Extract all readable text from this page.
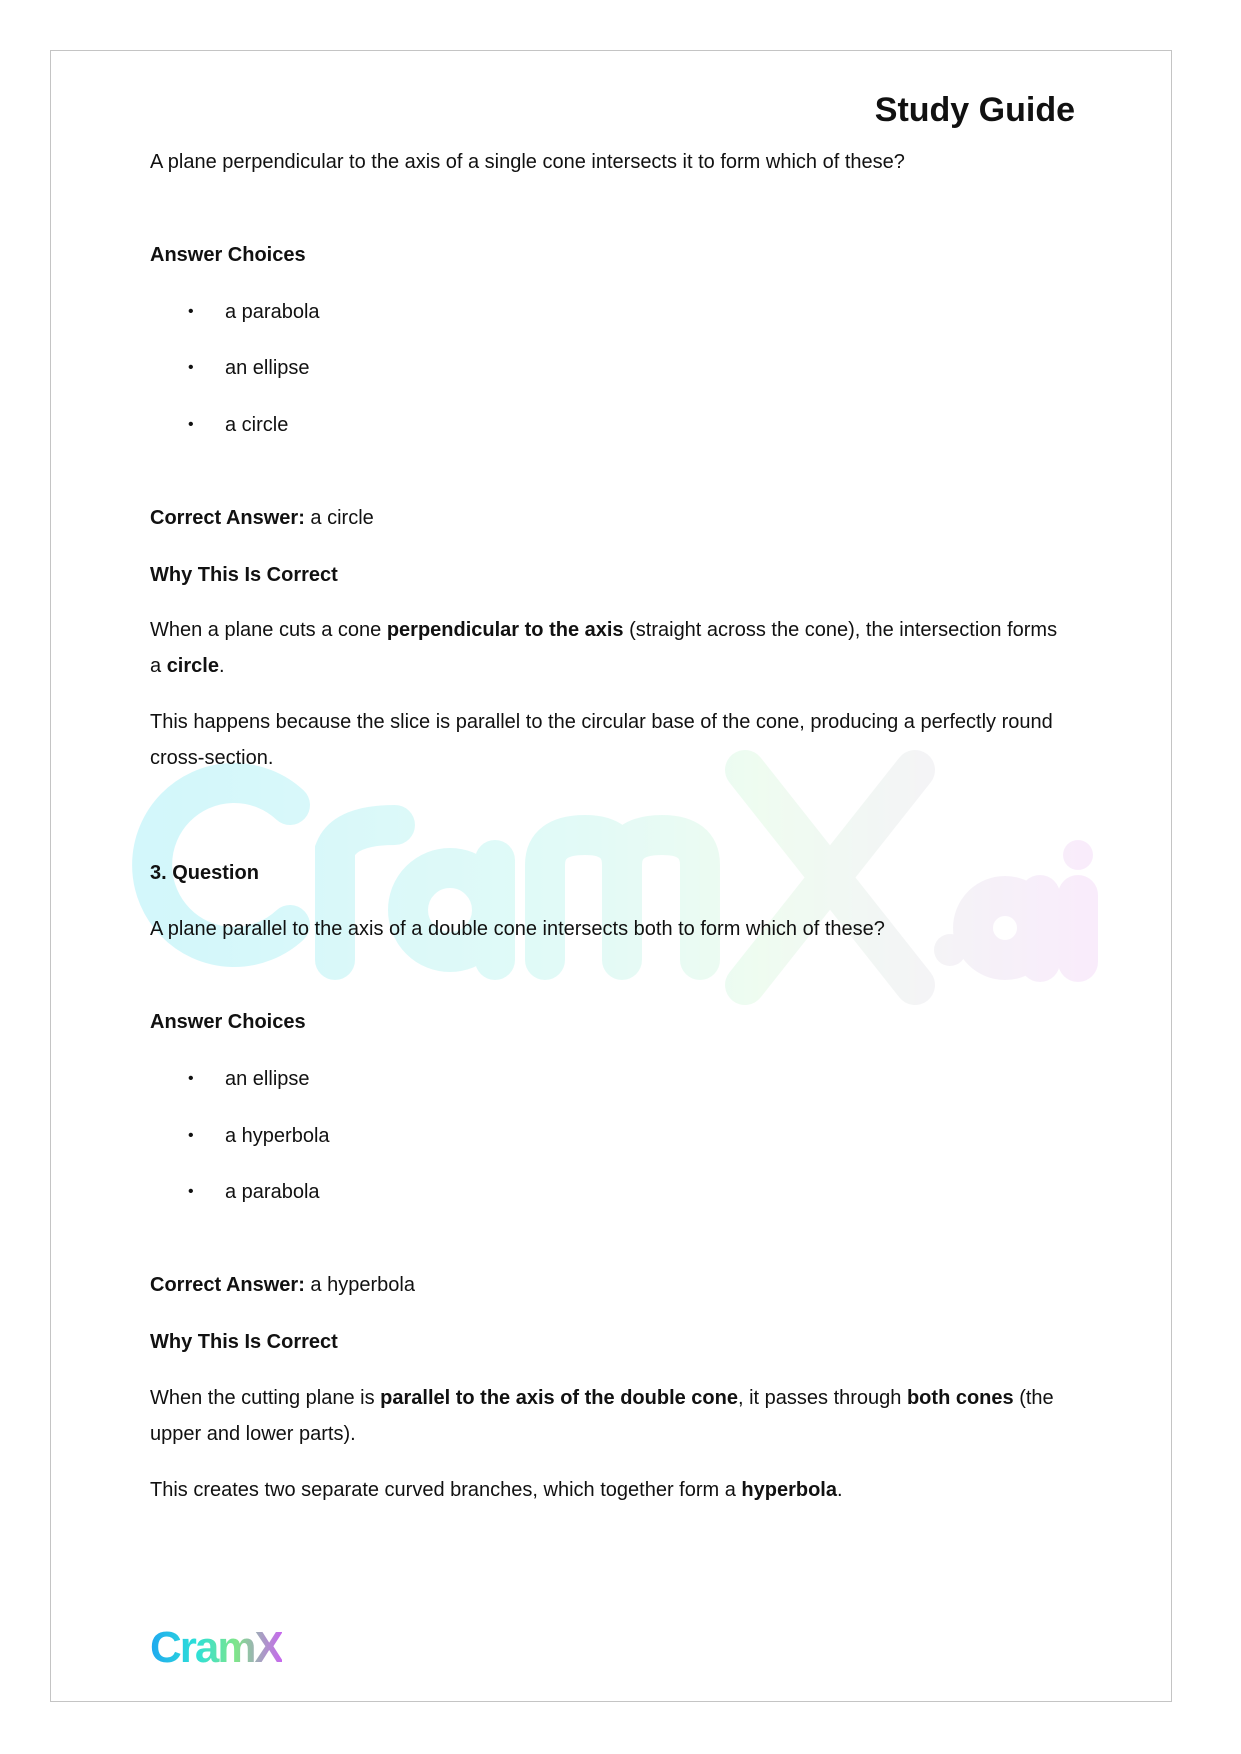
Study Guide
A plane perpendicular to the axis of a single cone intersects it to form which of these?
Answer Choices
• a parabola
• an ellipse
• a circle
Correct Answer: a circle
Why This Is Correct
When a plane cuts a cone perpendicular to the axis (straight across the cone), the intersection forms a circle.
This happens because the slice is parallel to the circular base of the cone, producing a perfectly round cross-section.
3. Question
A plane parallel to the axis of a double cone intersects both to form which of these?
Answer Choices
• an ellipse
• a hyperbola
• a parabola
Correct Answer: a hyperbola
Why This Is Correct
When the cutting plane is parallel to the axis of the double cone, it passes through both cones (the upper and lower parts).
This creates two separate curved branches, which together form a hyperbola.
CramX
